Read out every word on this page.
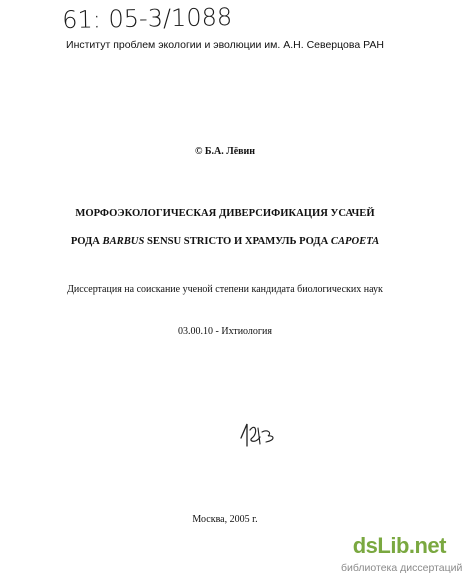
61: 05-3/1088
Институт проблем экологии и эволюции им. А.Н. Северцова РАН
© Б.А. Лёвин
МОРФОЭКОЛОГИЧЕСКАЯ ДИВЕРСИФИКАЦИЯ УСАЧЕЙ
РОДА BARBUS SENSU STRICTO И ХРАМУЛЬ РОДА CAPOETA
Диссертация на соискание ученой степени кандидата биологических наук
03.00.10 - Ихтиология
Москва, 2005 г.
dsLib.net
библиотека диссертаций
